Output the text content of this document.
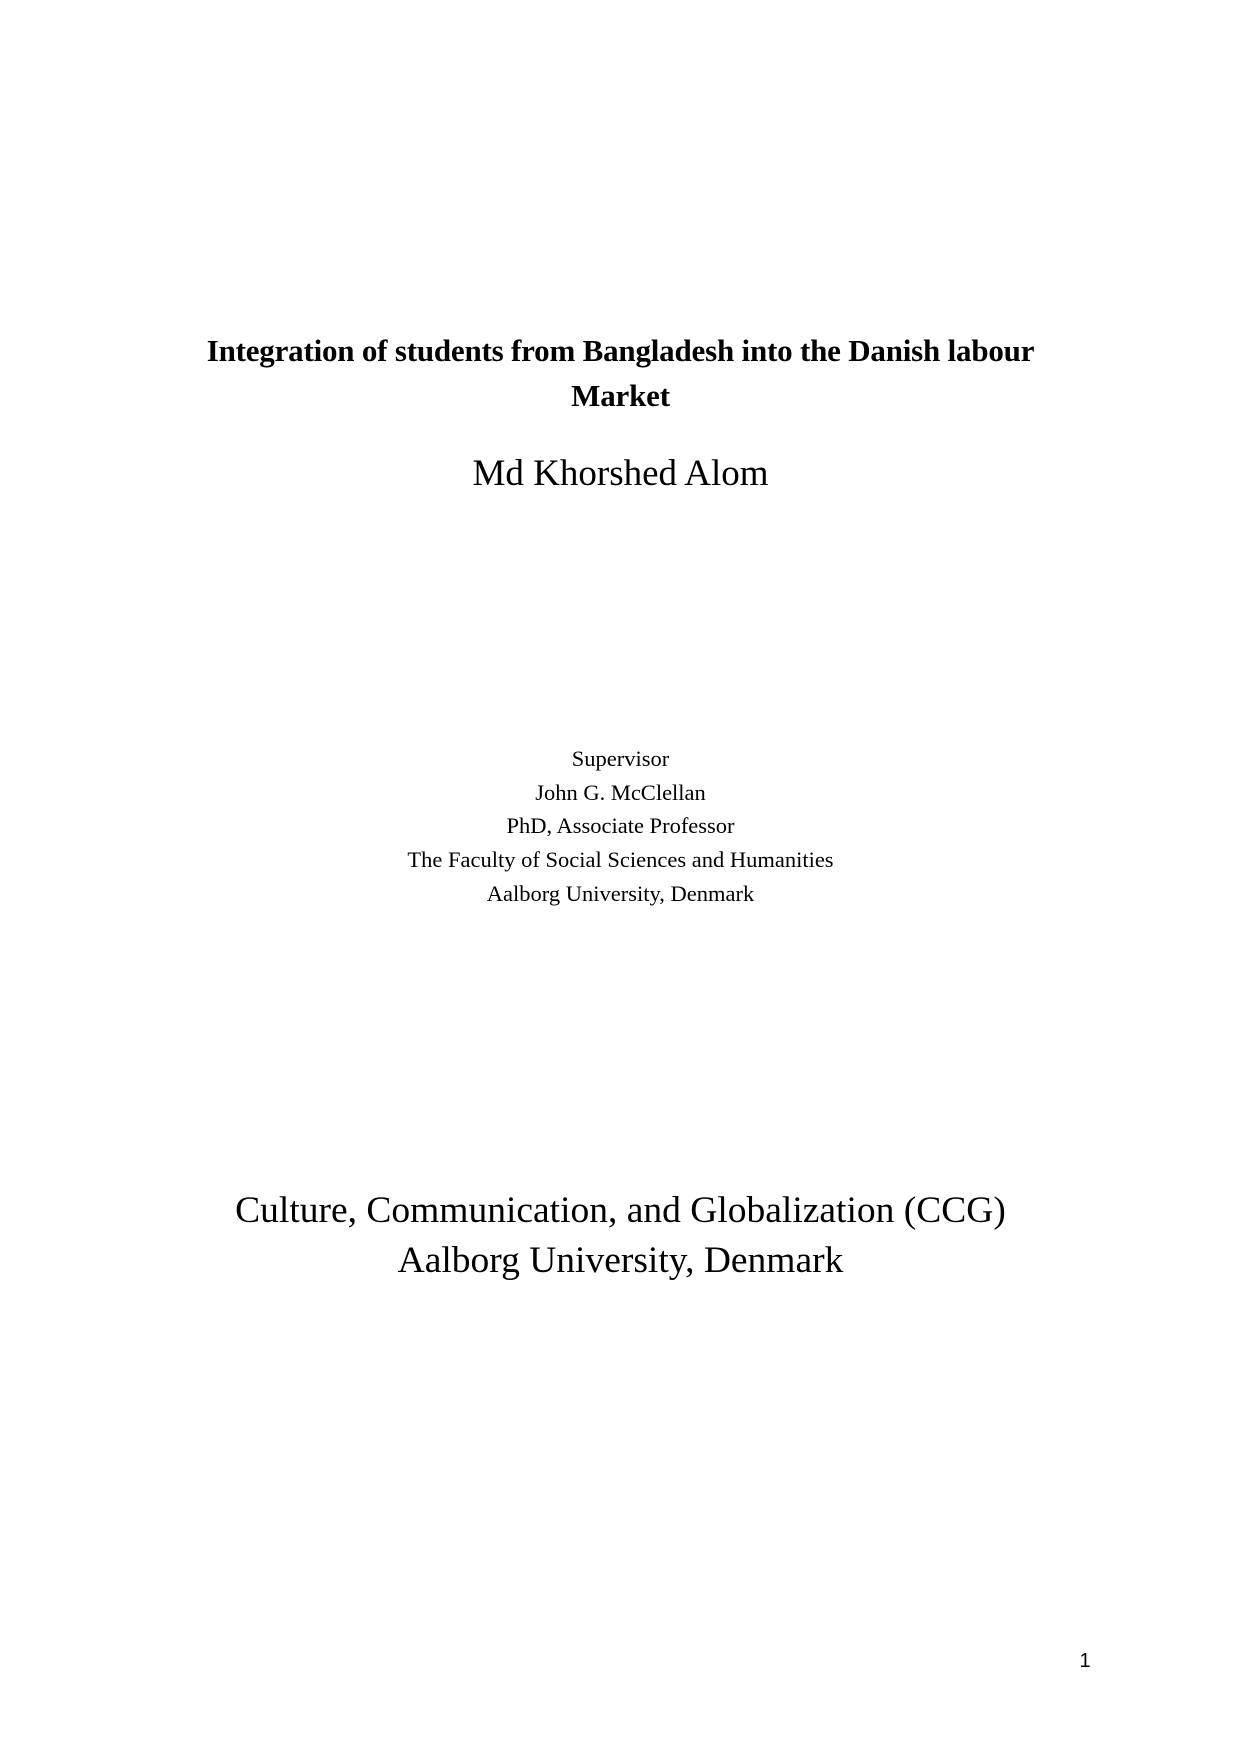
Integration of students from Bangladesh into the Danish labour
Market
Md Khorshed Alom
Supervisor
John G. McClellan
PhD, Associate Professor
The Faculty of Social Sciences and Humanities
Aalborg University, Denmark
Culture, Communication, and Globalization (CCG)
Aalborg University, Denmark
1
